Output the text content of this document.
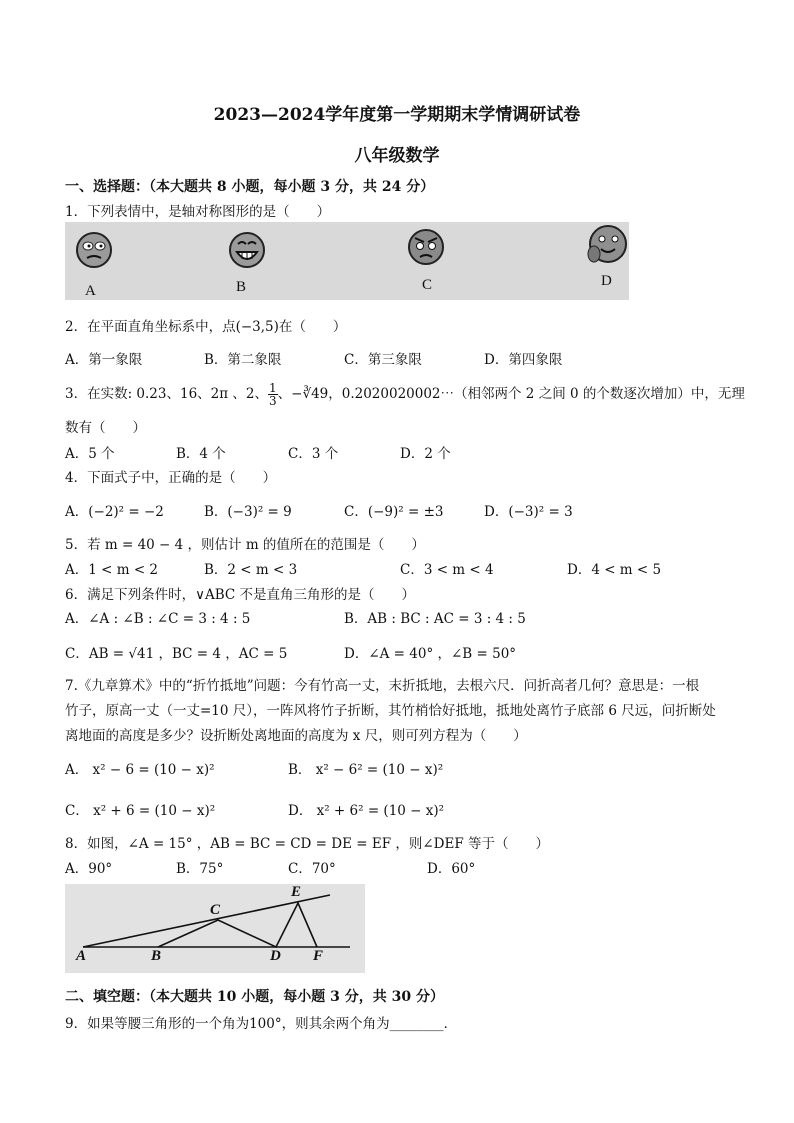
2023—2024学年度第一学期期末学情调研试卷
八年级数学
一、选择题：（本大题共 8 小题，每小题 3 分，共 24 分）
1．下列表情中，是轴对称图形的是（　　）
A	B	C	D
2．在平面直角坐标系中，点(−3,5)在（　　）
A．第一象限	B．第二象限	C．第三象限	D．第四象限
3．在实数: 0.23、16、2π 、2、 $\frac{1}{3}$ 、−∛49，0.2020020002⋯（相邻两个 2 之间 0 的个数逐次增加）中，无理
数有（　　）
A．5 个	B．4 个	C．3 个	D．2 个
4．下面式子中，正确的是（　　）
A．(−2)² = −2	B．(−3)² = 9	C．(−9)² = ±3	D．(−3)² = 3
5．若 m = 40 − 4 ，则估计 m 的值所在的范围是（　　）
A．1 < m < 2	B．2 < m < 3	C．3 < m < 4	D．4 < m < 5
6．满足下列条件时，∨ABC 不是直角三角形的是（　　）
A．∠A : ∠B : ∠C = 3 : 4 : 5	B．AB : BC : AC = 3 : 4 : 5
C．AB = √41 ，BC = 4 ，AC = 5	D．∠A = 40° ，∠B = 50°
7.《九章算术》中的“折竹抵地”问题：今有竹高一丈，末折抵地，去根六尺．问折高者几何？意思是：一根
竹子，原高一丈（一丈=10 尺），一阵风将竹子折断，其竹梢恰好抵地，抵地处离竹子底部 6 尺远，问折断处
离地面的高度是多少？设折断处离地面的高度为 x 尺，则可列方程为（　　）
A． x² − 6 = (10 − x)²	B． x² − 6² = (10 − x)²
C． x² + 6 = (10 − x)²	D． x² + 6² = (10 − x)²
8．如图，∠A = 15° ，AB = BC = CD = DE = EF ，则∠DEF 等于（　　）
A．90°	B．75°	C．70°	D．60°
A	B
C
D
E
F
二、填空题：（本大题共 10 小题，每小题 3 分，共 30 分）
9．如果等腰三角形的一个角为100°，则其余两个角为________．
